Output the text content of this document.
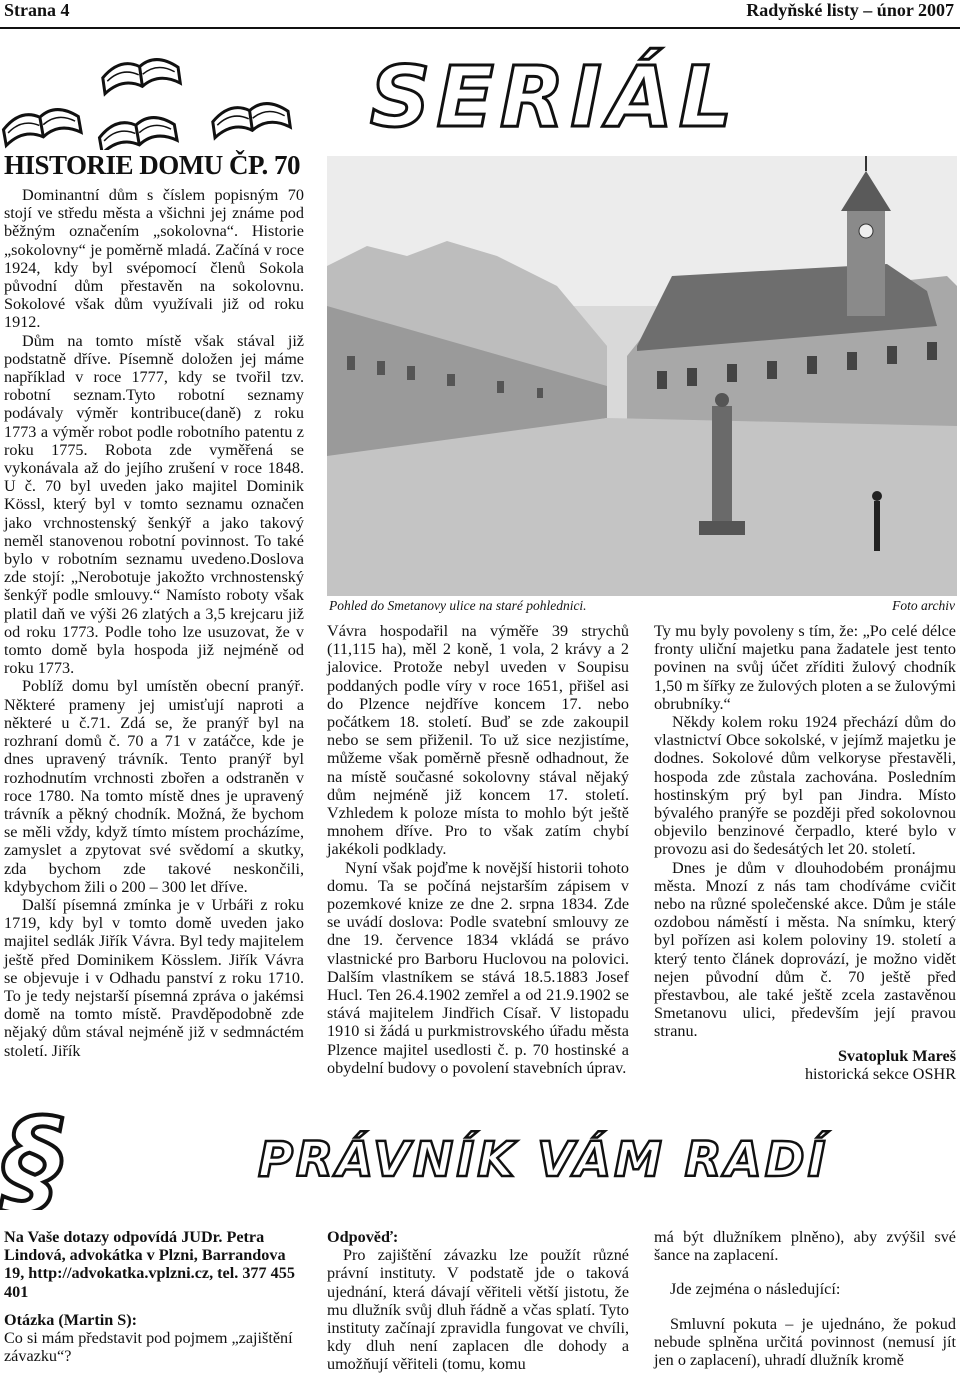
Strana 4	Radyňské listy – únor 2007
SERIÁL
HISTORIE DOMU ČP. 70

Dominantní dům s číslem popisným 70 stojí ve středu města a všichni jej známe pod běžným označením „sokolovna“. Historie „sokolovny“ je poměrně mladá. Začíná v roce 1924, kdy byl svépomocí členů Sokola původní dům přestavěn na sokolovnu. Sokolové však dům využívali již od roku 1912.

Dům na tomto místě však stával již podstatně dříve. Písemně doložen jej máme například v roce 1777, kdy se tvořil tzv. robotní seznam.Tyto robotní seznamy podávaly výměr kontribuce(daně) z roku 1773 a výměr robot podle robotního patentu z roku 1775. Robota zde vyměřená se vykonávala až do jejího zrušení v roce 1848. U č. 70 byl uveden jako majitel Dominik Kössl, který byl v tomto seznamu označen jako vrchnostenský šenkýř a jako takový neměl stanovenou robotní povinnost. To také bylo v robotním seznamu uvedeno.Doslova zde stojí: „Nerobotuje jakožto vrchnostenský šenkýř podle smlouvy.“ Namísto roboty však platil daň ve výši 26 zlatých a 3,5 krejcaru již od roku 1773. Podle toho lze usuzovat, že v tomto domě byla hospoda již nejméně od roku 1773.

Poblíž domu byl umístěn obecní pranýř. Některé prameny jej umisťují naproti a některé u č.71. Zdá se, že pranýř byl na rozhraní domů č. 70 a 71 v zatáčce, kde je dnes upravený trávník. Tento pranýř byl rozhodnutím vrchnosti zbořen a odstraněn v roce 1780. Na tomto místě dnes je upravený trávník a pěkný chodník. Možná, že bychom se měli vždy, když tímto místem procházíme, zamyslet a zpytovat své svědomí a skutky, zda bychom zde takové neskončili, kdybychom žili o 200 – 300 let dříve.

Další písemná zmínka je v Urbáři z roku 1719, kdy byl v tomto domě uveden jako majitel sedlák Jiřík Vávra. Byl tedy majitelem ještě před Dominikem Kösslem. Jiřík Vávra se objevuje i v Odhadu panství z roku 1710. To je tedy nejstarší písemná zpráva o jakémsi domě na tomto místě. Pravděpodobně zde nějaký dům stával nejméně již v sedmnáctém století. Jiřík

Pohled do Smetanovy ulice na staré pohlednici.	Foto archiv

Vávra hospodařil na výměře 39 strychů (11,115 ha), měl 2 koně, 1 vola, 2 krávy a 2 jalovice. Protože nebyl uveden v Soupisu poddaných podle víry v roce 1651, přišel asi do Plzence nejdříve koncem 17. nebo počátkem 18. století. Buď se zde zakoupil nebo se sem přiženil. To už sice nezjistíme, můžeme však poměrně přesně odhadnout, že na místě současné sokolovny stával nějaký dům nejméně již koncem 17. století. Vzhledem k poloze místa to mohlo být ještě mnohem dříve. Pro to však zatím chybí jakékoli podklady.

Nyní však pojďme k novější historii tohoto domu. Ta se počíná nejstarším zápisem v pozemkové knize ze dne 2. srpna 1834. Zde se uvádí doslova: Podle svatební smlouvy ze dne 19. července 1834 vkládá se právo vlastnické pro Barboru Huclovou na polovici. Dalším vlastníkem se stává 18.5.1883 Josef Hucl. Ten 26.4.1902 zemřel a od 21.9.1902 se stává majitelem Jindřich Císař. V listopadu 1910 si žádá u purkmistrovského úřadu města Plzence majitel usedlosti č. p. 70 hostinské a obydelní budovy o povolení stavebních úprav.

Ty mu byly povoleny s tím, že: „Po celé délce fronty uliční majetku pana žadatele jest tento povinen na svůj účet zříditi žulový chodník 1,50 m šířky ze žulových ploten a se žulovými obrubníky.“

Někdy kolem roku 1924 přechází dům do vlastnictví Obce sokolské, v jejímž majetku je dodnes. Sokolové dům velkoryse přestavěli, hospoda zde zůstala zachována. Posledním hostinským prý byl pan Jindra. Místo bývalého pranýře se později před sokolovnou objevilo benzinové čerpadlo, které bylo v provozu asi do šedesátých let 20. století.

Dnes je dům v dlouhodobém pronájmu města. Mnozí z nás tam chodíváme cvičit nebo na různé společenské akce. Dům je stále ozdobou náměstí i města. Na snímku, který byl pořízen asi kolem poloviny 19. století a který tento článek doprovází, je možno vidět nejen původní dům č. 70 ještě před přestavbou, ale také ještě zcela zastavěnou Smetanovu ulici, především její pravou stranu.

Svatopluk Mareš
historická sekce OSHR
§	PRÁVNÍK VÁM RADÍ

Na Vaše dotazy odpovídá JUDr. Petra Lindová, advokátka v Plzni, Barrandova 19, http://advokatka.vplzni.cz, tel. 377 455 401

Otázka (Martin S):

Co si mám představit pod pojmem „zajištění závazku“?

Odpověď:

Pro zajištění závazku lze použít různé právní instituty. V podstatě jde o taková ujednání, která dávají věřiteli větší jistotu, že mu dlužník svůj dluh řádně a včas splatí. Tyto instituty začínají zpravidla fungovat ve chvíli, kdy dluh není zaplacen dle dohody a umožňují věřiteli (tomu, komu

má být dlužníkem plněno), aby zvýšil své šance na zaplacení.

Jde zejména o následující:

Smluvní pokuta – je ujednáno, že pokud nebude splněna určitá povinnost (nemusí jít jen o zaplacení), uhradí dlužník kromě
